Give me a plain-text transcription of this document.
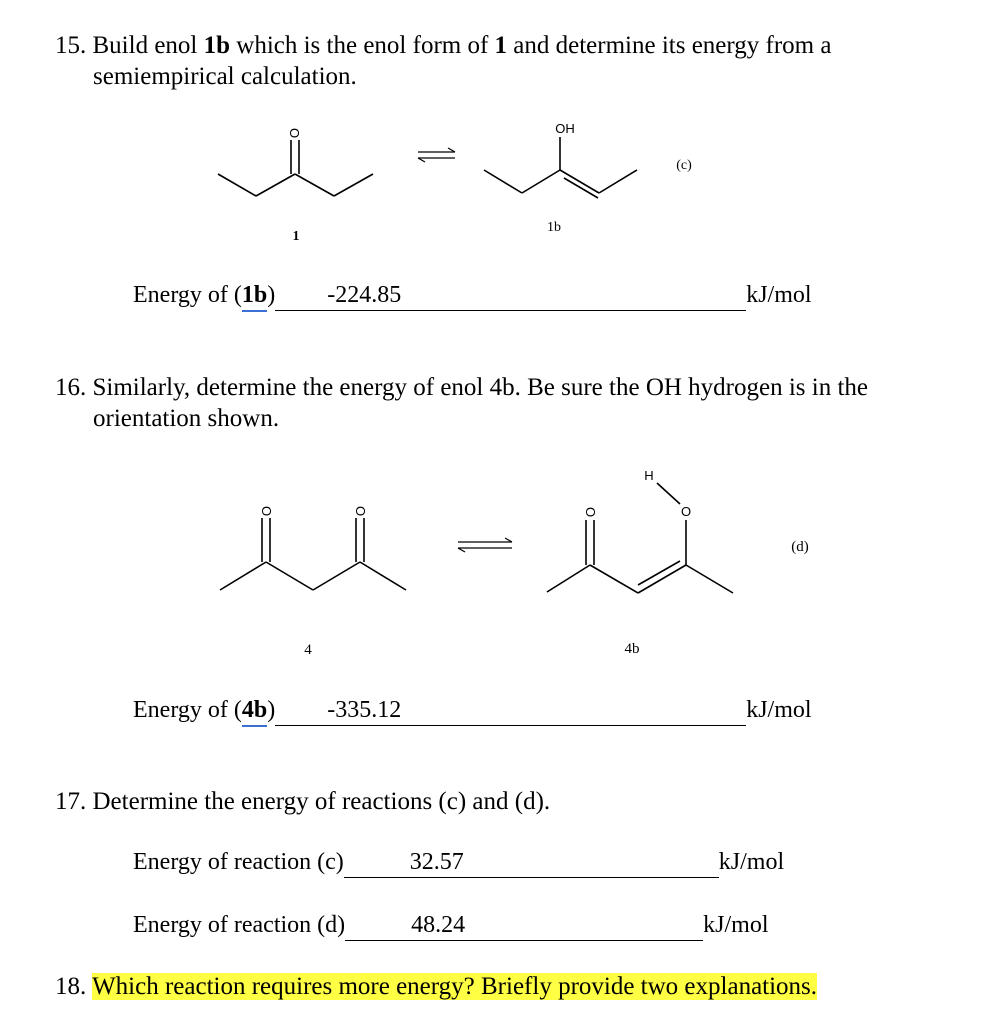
15. Build enol 1b which is the enol form of 1 and determine its energy from a
semiempirical calculation.
O
1
OH
1b
(c)
Energy of (1b) -224.85	kJ/mol
16. Similarly, determine the energy of enol 4b. Be sure the OH hydrogen is in the
orientation shown.
O	O
4
O	O
H
4b
(d)
Energy of (4b) -335.12	kJ/mol
17. Determine the energy of reactions (c) and (d).
Energy of reaction (c)	32.57	kJ/mol
Energy of reaction (d)	48.24	kJ/mol
18. Which reaction requires more energy? Briefly provide two explanations.
